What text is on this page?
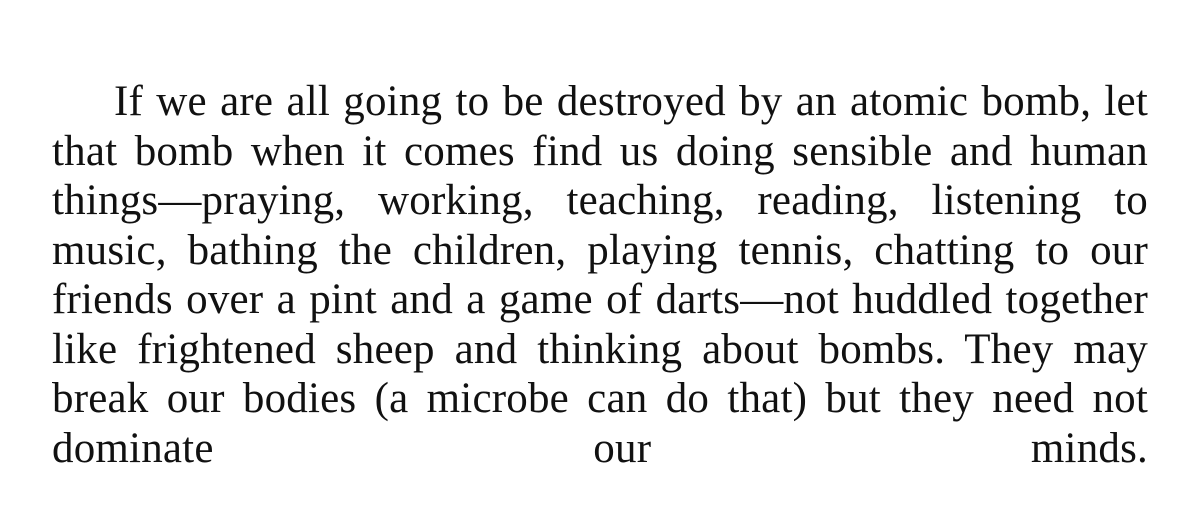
If we are all going to be destroyed by an atomic bomb, let that bomb when it comes find us doing sensible and human things—praying, working, teaching, reading, listening to music, bathing the children, playing tennis, chatting to our friends over a pint and a game of darts—not huddled together like frightened sheep and thinking about bombs. They may break our bodies (a microbe can do that) but they need not dominate our minds.
